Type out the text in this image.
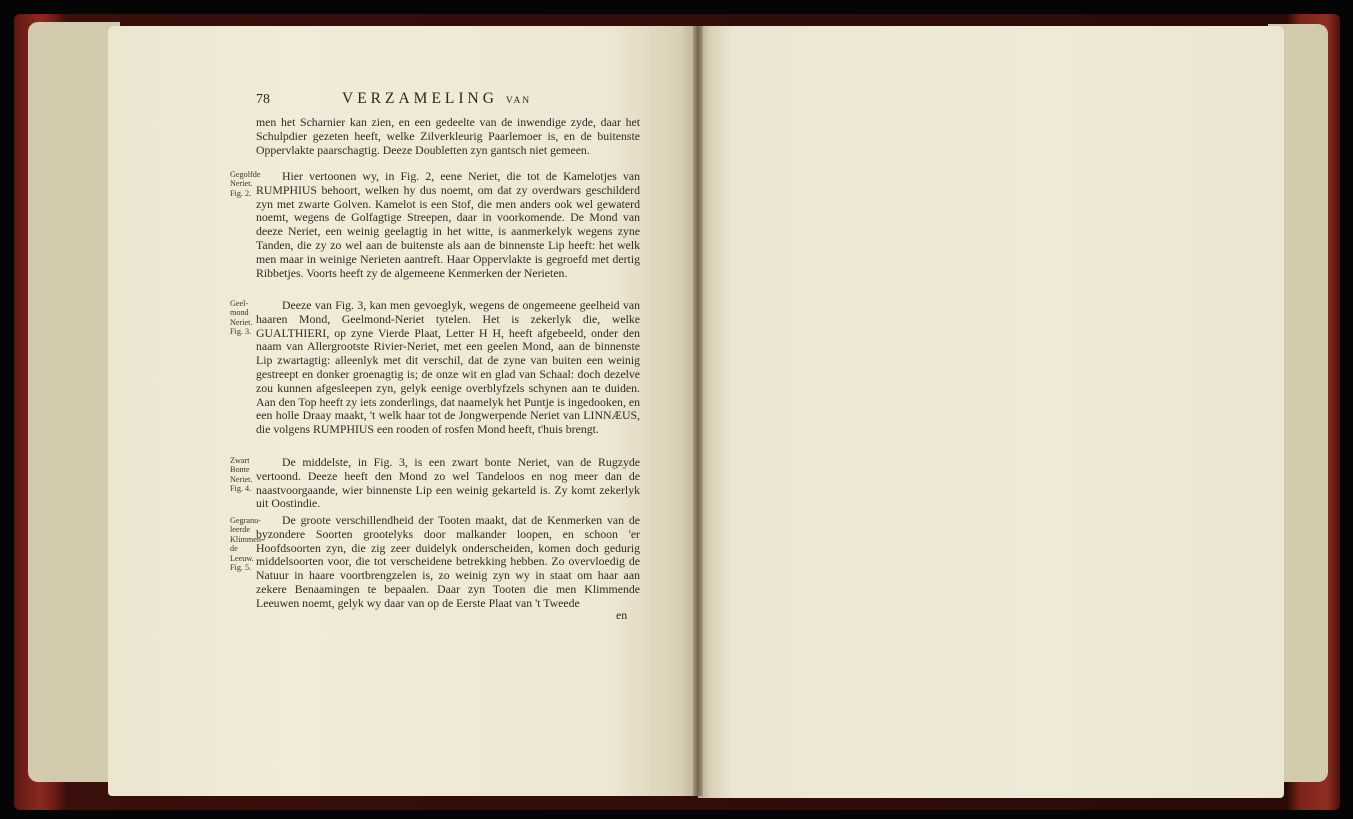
78	VERZAMELING VAN

men het Scharnier kan zien, en een gedeelte van de inwendige zyde, daar het Schulpdier gezeten heeft, welke Zilverkleurig Paarlemoer is, en de buitenste Oppervlakte paarschagtig. Deeze Doubletten zyn gantsch niet gemeen.

Gegolfde Neriet. Fig. 2.

Hier vertoonen wy, in Fig. 2, eene Neriet, die tot de Kamelotjes van RUMPHIUS behoort, welken hy dus noemt, om dat zy overdwars geschilderd zyn met zwarte Golven. Kamelot is een Stof, die men anders ook wel gewaterd noemt, wegens de Golfagtige Streepen, daar in voorkomende. De Mond van deeze Neriet, een weinig geelagtig in het witte, is aanmerkelyk wegens zyne Tanden, die zy zo wel aan de buitenste als aan de binnenste Lip heeft: het welk men maar in weinige Nerieten aantreft. Haar Oppervlakte is gegroefd met dertig Ribbetjes. Voorts heeft zy de algemeene Kenmerken der Nerieten.

Geel-mond Neriet. Fig. 3.

Deeze van Fig. 3, kan men gevoeglyk, wegens de ongemeene geelheid van haaren Mond, Geelmond-Neriet tytelen. Het is zekerlyk die, welke GUALTHIERI, op zyne Vierde Plaat, Letter H H, heeft afgebeeld, onder den naam van Allergrootste Rivier-Neriet, met een geelen Mond, aan de binnenste Lip zwartagtig: alleenlyk met dit verschil, dat de zyne van buiten een weinig gestreept en donker groenagtig is; de onze wit en glad van Schaal: doch dezelve zou kunnen afgesleepen zyn, gelyk eenige overblyfzels schynen aan te duiden. Aan den Top heeft zy iets zonderlings, dat naamelyk het Puntje is ingedooken, en een holle Draay maakt, 't welk haar tot de Jongwerpende Neriet van LINNÆUS, die volgens RUMPHIUS een rooden of rosfen Mond heeft, t'huis brengt.

Zwart Bonte Neriet. Fig. 4.

De middelste, in Fig. 3, is een zwart bonte Neriet, van de Rugzyde vertoond. Deeze heeft den Mond zo wel Tandeloos en nog meer dan de naastvoorgaande, wier binnenste Lip een weinig gekarteld is. Zy komt zekerlyk uit Oostindie.

Gegranu-leerde Klimmen-de Leeuw. Fig. 5.

De groote verschillendheid der Tooten maakt, dat de Kenmerken van de byzondere Soorten grootelyks door malkander loopen, en schoon 'er Hoofdsoorten zyn, die zig zeer duidelyk onderscheiden, komen doch gedurig middelsoorten voor, die tot verscheidene betrekking hebben. Zo overvloedig de Natuur in haare voortbrengzelen is, zo weinig zyn wy in staat om haar aan zekere Benaamingen te bepaalen. Daar zyn Tooten die men Klimmende Leeuwen noemt, gelyk wy daar van op de Eerste Plaat van 't Tweede

en
